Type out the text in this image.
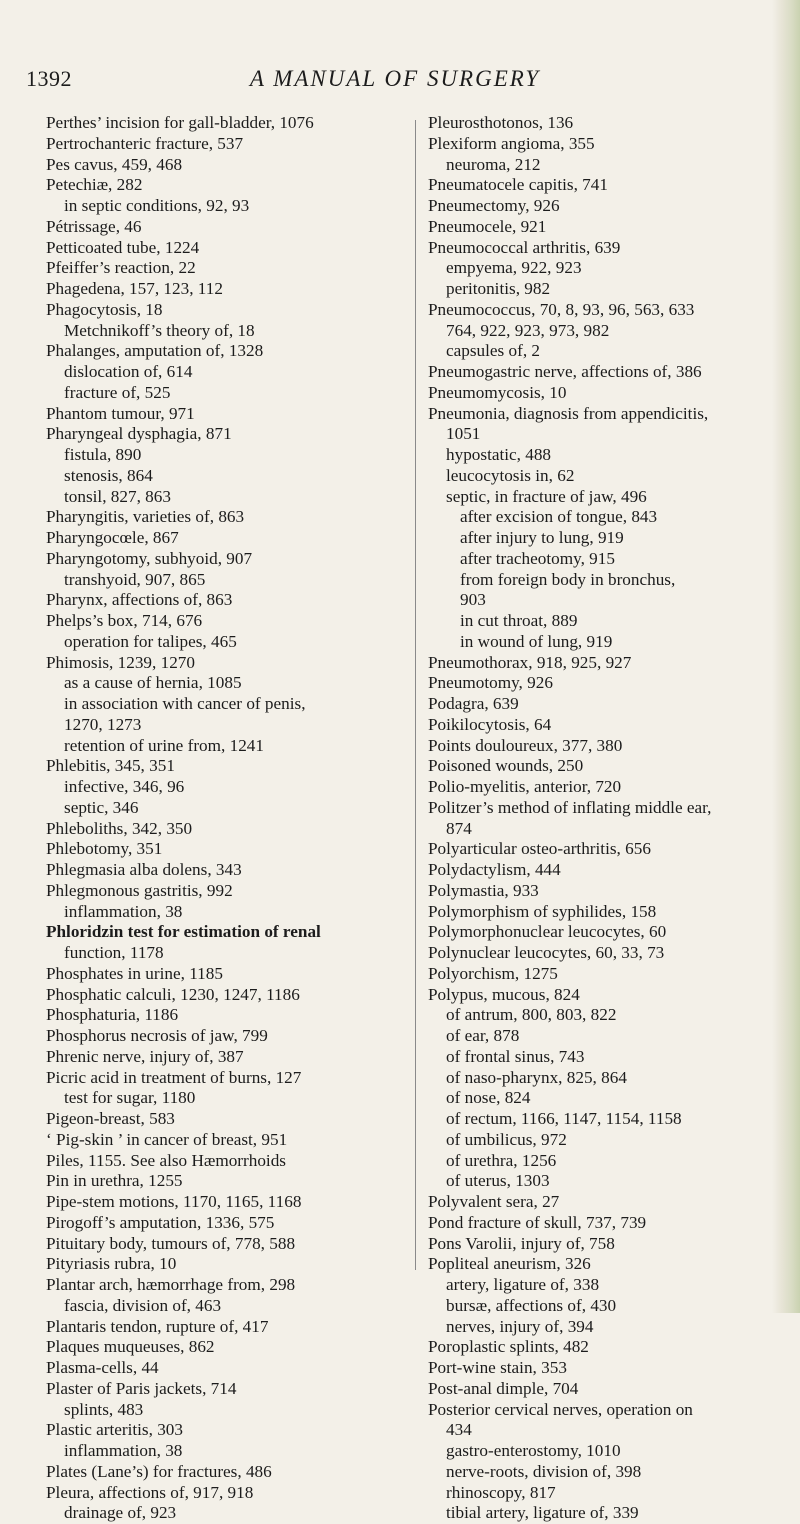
1392	A MANUAL OF SURGERY
Perthes’ incision for gall-bladder, 1076
Pertrochanteric fracture, 537
Pes cavus, 459, 468
Petechiæ, 282
in septic conditions, 92, 93
Pétrissage, 46
Petticoated tube, 1224
Pfeiffer’s reaction, 22
Phagedena, 157, 123, 112
Phagocytosis, 18
Metchnikoff’s theory of, 18
Phalanges, amputation of, 1328
dislocation of, 614
fracture of, 525
Phantom tumour, 971
Pharyngeal dysphagia, 871
fistula, 890
stenosis, 864
tonsil, 827, 863
Pharyngitis, varieties of, 863
Pharyngocœle, 867
Pharyngotomy, subhyoid, 907
transhyoid, 907, 865
Pharynx, affections of, 863
Phelps’s box, 714, 676
operation for talipes, 465
Phimosis, 1239, 1270
as a cause of hernia, 1085
in association with cancer of penis,
1270, 1273
retention of urine from, 1241
Phlebitis, 345, 351
infective, 346, 96
septic, 346
Phleboliths, 342, 350
Phlebotomy, 351
Phlegmasia alba dolens, 343
Phlegmonous gastritis, 992
inflammation, 38
Phloridzin test for estimation of renal
function, 1178
Phosphates in urine, 1185
Phosphatic calculi, 1230, 1247, 1186
Phosphaturia, 1186
Phosphorus necrosis of jaw, 799
Phrenic nerve, injury of, 387
Picric acid in treatment of burns, 127
test for sugar, 1180
Pigeon-breast, 583
‘ Pig-skin ’ in cancer of breast, 951
Piles, 1155. See also Hæmorrhoids
Pin in urethra, 1255
Pipe-stem motions, 1170, 1165, 1168
Pirogoff’s amputation, 1336, 575
Pituitary body, tumours of, 778, 588
Pityriasis rubra, 10
Plantar arch, hæmorrhage from, 298
fascia, division of, 463
Plantaris tendon, rupture of, 417
Plaques muqueuses, 862
Plasma-cells, 44
Plaster of Paris jackets, 714
splints, 483
Plastic arteritis, 303
inflammation, 38
Plates (Lane’s) for fractures, 486
Pleura, affections of, 917, 918
drainage of, 923
Pleurosthotonos, 136
Plexiform angioma, 355
neuroma, 212
Pneumatocele capitis, 741
Pneumectomy, 926
Pneumocele, 921
Pneumococcal arthritis, 639
empyema, 922, 923
peritonitis, 982
Pneumococcus, 70, 8, 93, 96, 563, 633
764, 922, 923, 973, 982
capsules of, 2
Pneumogastric nerve, affections of, 386
Pneumomycosis, 10
Pneumonia, diagnosis from appendicitis,
1051
hypostatic, 488
leucocytosis in, 62
septic, in fracture of jaw, 496
after excision of tongue, 843
after injury to lung, 919
after tracheotomy, 915
from foreign body in bronchus,
903
in cut throat, 889
in wound of lung, 919
Pneumothorax, 918, 925, 927
Pneumotomy, 926
Podagra, 639
Poikilocytosis, 64
Points douloureux, 377, 380
Poisoned wounds, 250
Polio-myelitis, anterior, 720
Politzer’s method of inflating middle ear,
874
Polyarticular osteo-arthritis, 656
Polydactylism, 444
Polymastia, 933
Polymorphism of syphilides, 158
Polymorphonuclear leucocytes, 60
Polynuclear leucocytes, 60, 33, 73
Polyorchism, 1275
Polypus, mucous, 824
of antrum, 800, 803, 822
of ear, 878
of frontal sinus, 743
of naso-pharynx, 825, 864
of nose, 824
of rectum, 1166, 1147, 1154, 1158
of umbilicus, 972
of urethra, 1256
of uterus, 1303
Polyvalent sera, 27
Pond fracture of skull, 737, 739
Pons Varolii, injury of, 758
Popliteal aneurism, 326
artery, ligature of, 338
bursæ, affections of, 430
nerves, injury of, 394
Poroplastic splints, 482
Port-wine stain, 353
Post-anal dimple, 704
Posterior cervical nerves, operation on
434
gastro-enterostomy, 1010
nerve-roots, division of, 398
rhinoscopy, 817
tibial artery, ligature of, 339
